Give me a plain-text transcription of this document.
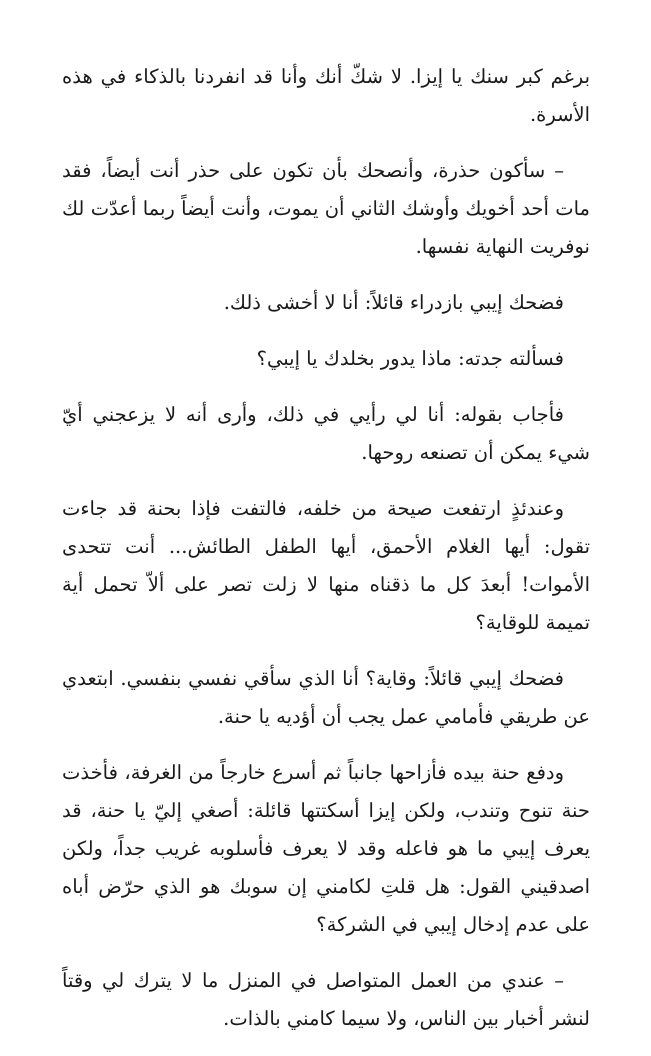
برغم كبر سنك يا إيزا. لا شكّ أنك وأنا قد انفردنا بالذكاء في هذه الأسرة.

– سأكون حذرة، وأنصحك بأن تكون على حذر أنت أيضاً، فقد مات أحد أخويك وأوشك الثاني أن يموت، وأنت أيضاً ربما أعدّت لك نوفريت النهاية نفسها.

فضحك إيبي بازدراء قائلاً: أنا لا أخشى ذلك.

فسألته جدته: ماذا يدور بخلدك يا إيبي؟

فأجاب بقوله: أنا لي رأيي في ذلك، وأرى أنه لا يزعجني أيّ شيء يمكن أن تصنعه روحها.

وعندئذٍ ارتفعت صيحة من خلفه، فالتفت فإذا بحنة قد جاءت تقول: أيها الغلام الأحمق، أيها الطفل الطائش... أنت تتحدى الأموات! أبعدَ كل ما ذقناه منها لا زلت تصر على ألاّ تحمل أية تميمة للوقاية؟

فضحك إيبي قائلاً: وقاية؟ أنا الذي سأقي نفسي بنفسي. ابتعدي عن طريقي فأمامي عمل يجب أن أؤديه يا حنة.

ودفع حنة بيده فأزاحها جانباً ثم أسرع خارجاً من الغرفة، فأخذت حنة تنوح وتندب، ولكن إيزا أسكتتها قائلة: أصغي إليّ يا حنة، قد يعرف إيبي ما هو فاعله وقد لا يعرف فأسلوبه غريب جداً، ولكن اصدقيني القول: هل قلتِ لكامني إن سوبك هو الذي حرّض أباه على عدم إدخال إيبي في الشركة؟

– عندي من العمل المتواصل في المنزل ما لا يترك لي وقتاً لنشر أخبار بين الناس، ولا سيما كامني بالذات.
